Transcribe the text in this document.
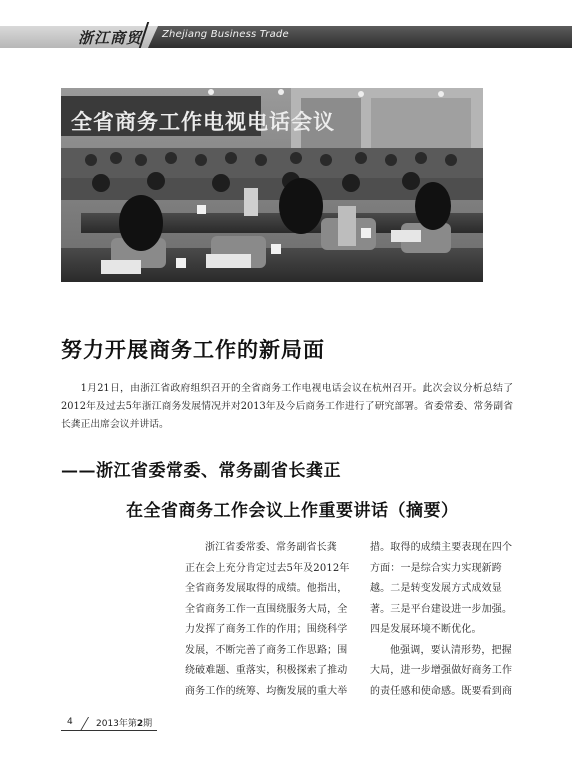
浙江商贸 Zhejiang Business Trade
全省商务工作电视电话会议
努力开展商务工作的新局面

1月21日，由浙江省政府组织召开的全省商务工作电视电话会议在杭州召开。此次会议分析总结了2012年及过去5年浙江商务发展情况并对2013年及今后商务工作进行了研究部署。省委常委、常务副省长龚正出席会议并讲话。

——浙江省委常委、常务副省长龚正
在全省商务工作会议上作重要讲话（摘要）
浙江省委常委、常务副省长龚
正在会上充分肯定过去5年及2012年
全省商务发展取得的成绩。他指出，
全省商务工作一直围绕服务大局，全
力发挥了商务工作的作用；围绕科学
发展，不断完善了商务工作思路；围
绕破难题、重落实，积极探索了推动
商务工作的统筹、均衡发展的重大举
措。取得的成绩主要表现在四个
方面：一是综合实力实现新跨
越。二是转变发展方式成效显
著。三是平台建设进一步加强。
四是发展环境不断优化。
他强调，要认清形势，把握
大局，进一步增强做好商务工作
的责任感和使命感。既要看到商
4	2013年第2期
